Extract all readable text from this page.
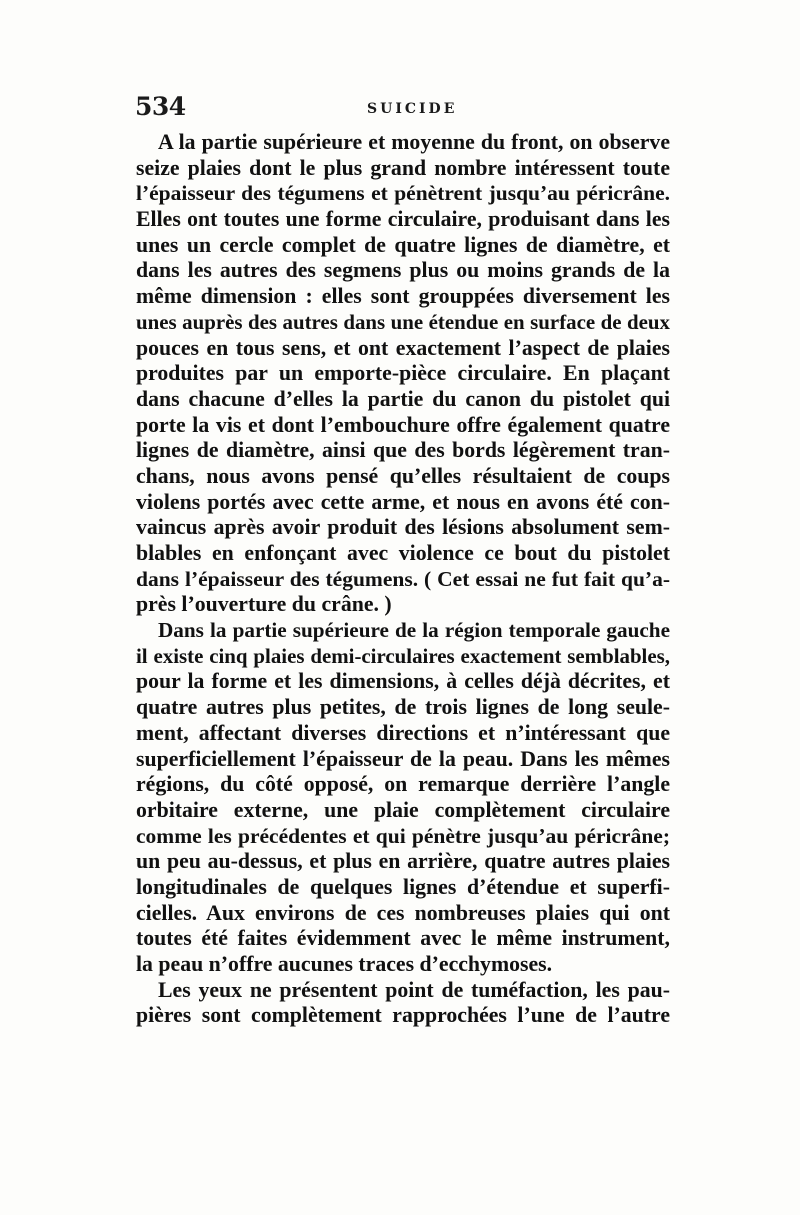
534	SUICIDE
A la partie supérieure et moyenne du front, on observe
seize plaies dont le plus grand nombre intéressent toute
l’épaisseur des tégumens et pénètrent jusqu’au péricrâne.
Elles ont toutes une forme circulaire, produisant dans les
unes un cercle complet de quatre lignes de diamètre, et
dans les autres des segmens plus ou moins grands de la
même dimension : elles sont grouppées diversement les
unes auprès des autres dans une étendue en surface de deux
pouces en tous sens, et ont exactement l’aspect de plaies
produites par un emporte-pièce circulaire. En plaçant
dans chacune d’elles la partie du canon du pistolet qui
porte la vis et dont l’embouchure offre également quatre
lignes de diamètre, ainsi que des bords légèrement tran-
chans, nous avons pensé qu’elles résultaient de coups
violens portés avec cette arme, et nous en avons été con-
vaincus après avoir produit des lésions absolument sem-
blables en enfonçant avec violence ce bout du pistolet
dans l’épaisseur des tégumens. ( Cet essai ne fut fait qu’a-
près l’ouverture du crâne. )
Dans la partie supérieure de la région temporale gauche
il existe cinq plaies demi-circulaires exactement semblables,
pour la forme et les dimensions, à celles déjà décrites, et
quatre autres plus petites, de trois lignes de long seule-
ment, affectant diverses directions et n’intéressant que
superficiellement l’épaisseur de la peau. Dans les mêmes
régions, du côté opposé, on remarque derrière l’angle
orbitaire externe, une plaie complètement circulaire
comme les précédentes et qui pénètre jusqu’au péricrâne;
un peu au-dessus, et plus en arrière, quatre autres plaies
longitudinales de quelques lignes d’étendue et superfi-
cielles. Aux environs de ces nombreuses plaies qui ont
toutes été faites évidemment avec le même instrument,
la peau n’offre aucunes traces d’ecchymoses.
Les yeux ne présentent point de tuméfaction, les pau-
pières sont complètement rapprochées l’une de l’autre
